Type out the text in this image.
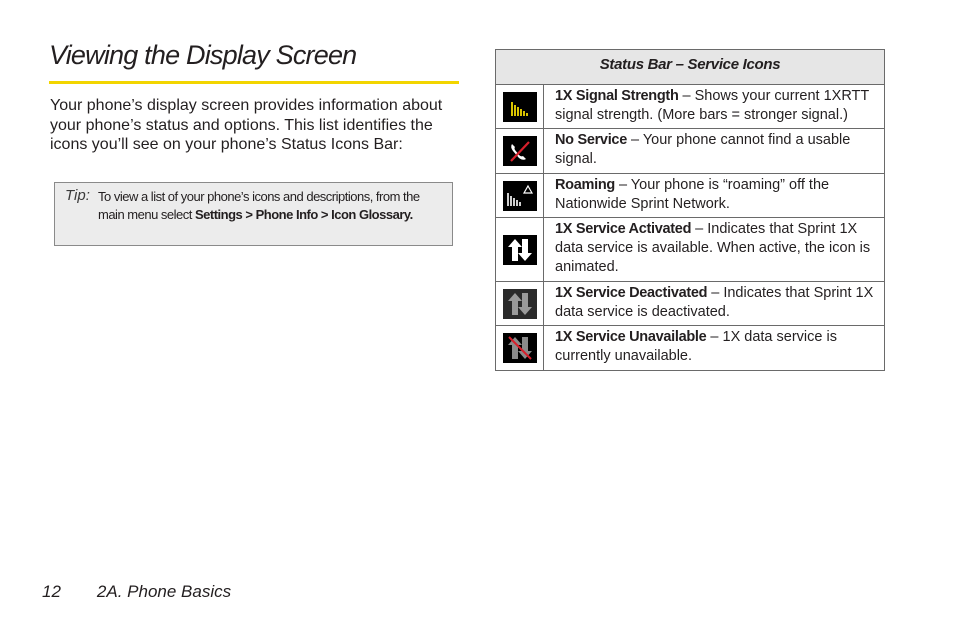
Viewing the Display Screen

Your phone’s display screen provides information about your phone’s status and options. This list identifies the icons you’ll see on your phone’s Status Icons Bar:

Tip: To view a list of your phone’s icons and descriptions, from the main menu select Settings > Phone Info > Icon Glossary.
Status Bar – Service Icons
1X Signal Strength – Shows your current 1XRTT signal strength. (More bars = stronger signal.)
No Service – Your phone cannot find a usable signal.
Roaming – Your phone is “roaming” off the Nationwide Sprint Network.
1X Service Activated – Indicates that Sprint 1X data service is available. When active, the icon is animated.
1X Service Deactivated – Indicates that Sprint 1X data service is deactivated.
1X Service Unavailable – 1X data service is currently unavailable.
12 2A. Phone Basics
